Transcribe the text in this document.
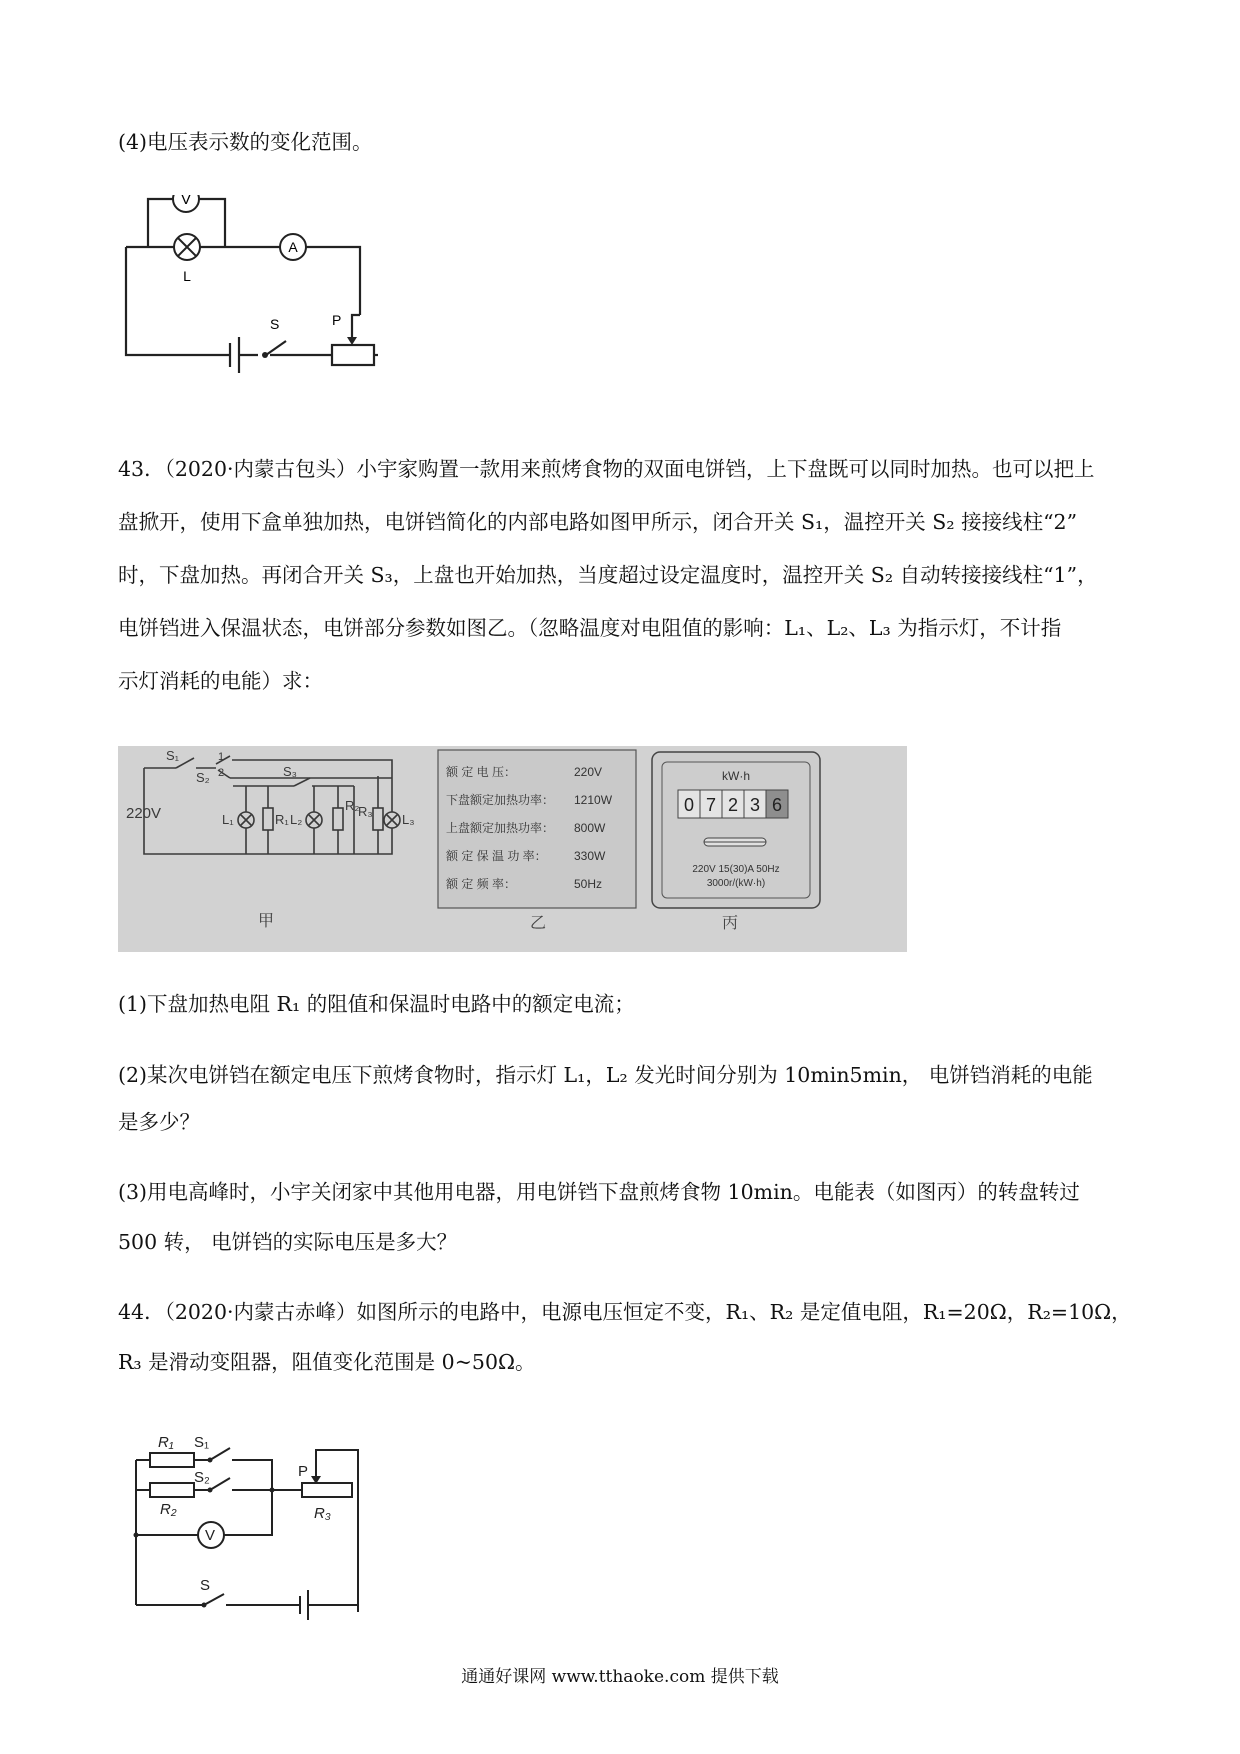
(4)电压表示数的变化范围。
V
A
L
S	P
43．（2020·内蒙古包头）小宇家购置一款用来煎烤食物的双面电饼铛，上下盘既可以同时加热。也可以把上
盘掀开，使用下盒单独加热，电饼铛简化的内部电路如图甲所示，闭合开关 S₁，温控开关 S₂ 接接线柱“2”
时，下盘加热。再闭合开关 S₃，上盘也开始加热，当度超过设定温度时，温控开关 S₂ 自动转接接线柱“1”，
电饼铛进入保温状态，电饼部分参数如图乙。（忽略温度对电阻值的影响：L₁、L₂、L₃ 为指示灯，不计指
示灯消耗的电能）求：
S₁
S₂
1
2	S₃
220V	L₁	R₁ L₂
R₂
R₃
L₃
甲
额 定 电 压：	220V
下盘额定加热功率： 1210W
上盘额定加热功率： 800W
额 定 保 温 功 率： 330W
额 定 频 率：	50Hz
乙
kW·h
0 7 2 3 6
220V 15(30)A 50Hz
3000r/(kW·h)
丙
(1)下盘加热电阻 R₁ 的阻值和保温时电路中的额定电流；
(2)某次电饼铛在额定电压下煎烤食物时，指示灯 L₁，L₂ 发光时间分别为 10min5min， 电饼铛消耗的电能
是多少？
(3)用电高峰时，小宇关闭家中其他用电器，用电饼铛下盘煎烤食物 10min。电能表（如图丙）的转盘转过
500 转， 电饼铛的实际电压是多大？
44．（2020·内蒙古赤峰）如图所示的电路中，电源电压恒定不变，R₁、R₂ 是定值电阻，R₁=20Ω，R₂=10Ω，
R₃ 是滑动变阻器，阻值变化范围是 0~50Ω。
R₁ S₁
S₂
R₂
P
R₃
V
S
通通好课网 www.tthaoke.com 提供下载
